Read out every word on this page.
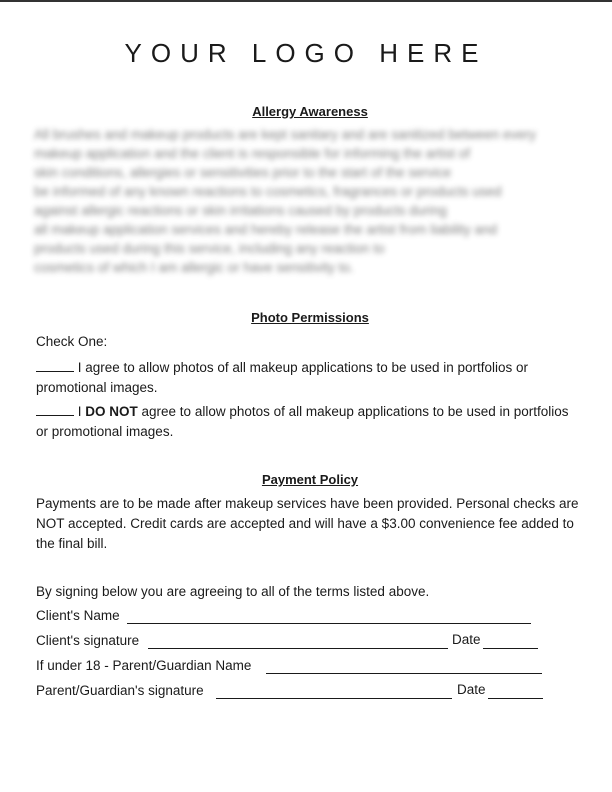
YOUR LOGO HERE
Allergy Awareness
All brushes and makeup products are kept sanitary and are sanitized between every
makeup application and the client is responsible for informing the artist of
skin conditions, allergies or sensitivities prior to the start of the service
be informed of any known reactions to cosmetics, fragrances or products used
against allergic reactions or skin irritations caused by products during
all makeup application services and hereby release the artist from liability and
products used during this service, including any reaction to
cosmetics of which I am allergic or have sensitivity to.
Photo Permissions
Check One:
I agree to allow photos of all makeup applications to be used in portfolios or promotional images.
I DO NOT agree to allow photos of all makeup applications to be used in portfolios or promotional images.
Payment Policy
Payments are to be made after makeup services have been provided. Personal checks are NOT accepted. Credit cards are accepted and will have a $3.00 convenience fee added to the final bill.
By signing below you are agreeing to all of the terms listed above.
Client's Name
Client's signature	Date
If under 18 - Parent/Guardian Name
Parent/Guardian's signature	Date
